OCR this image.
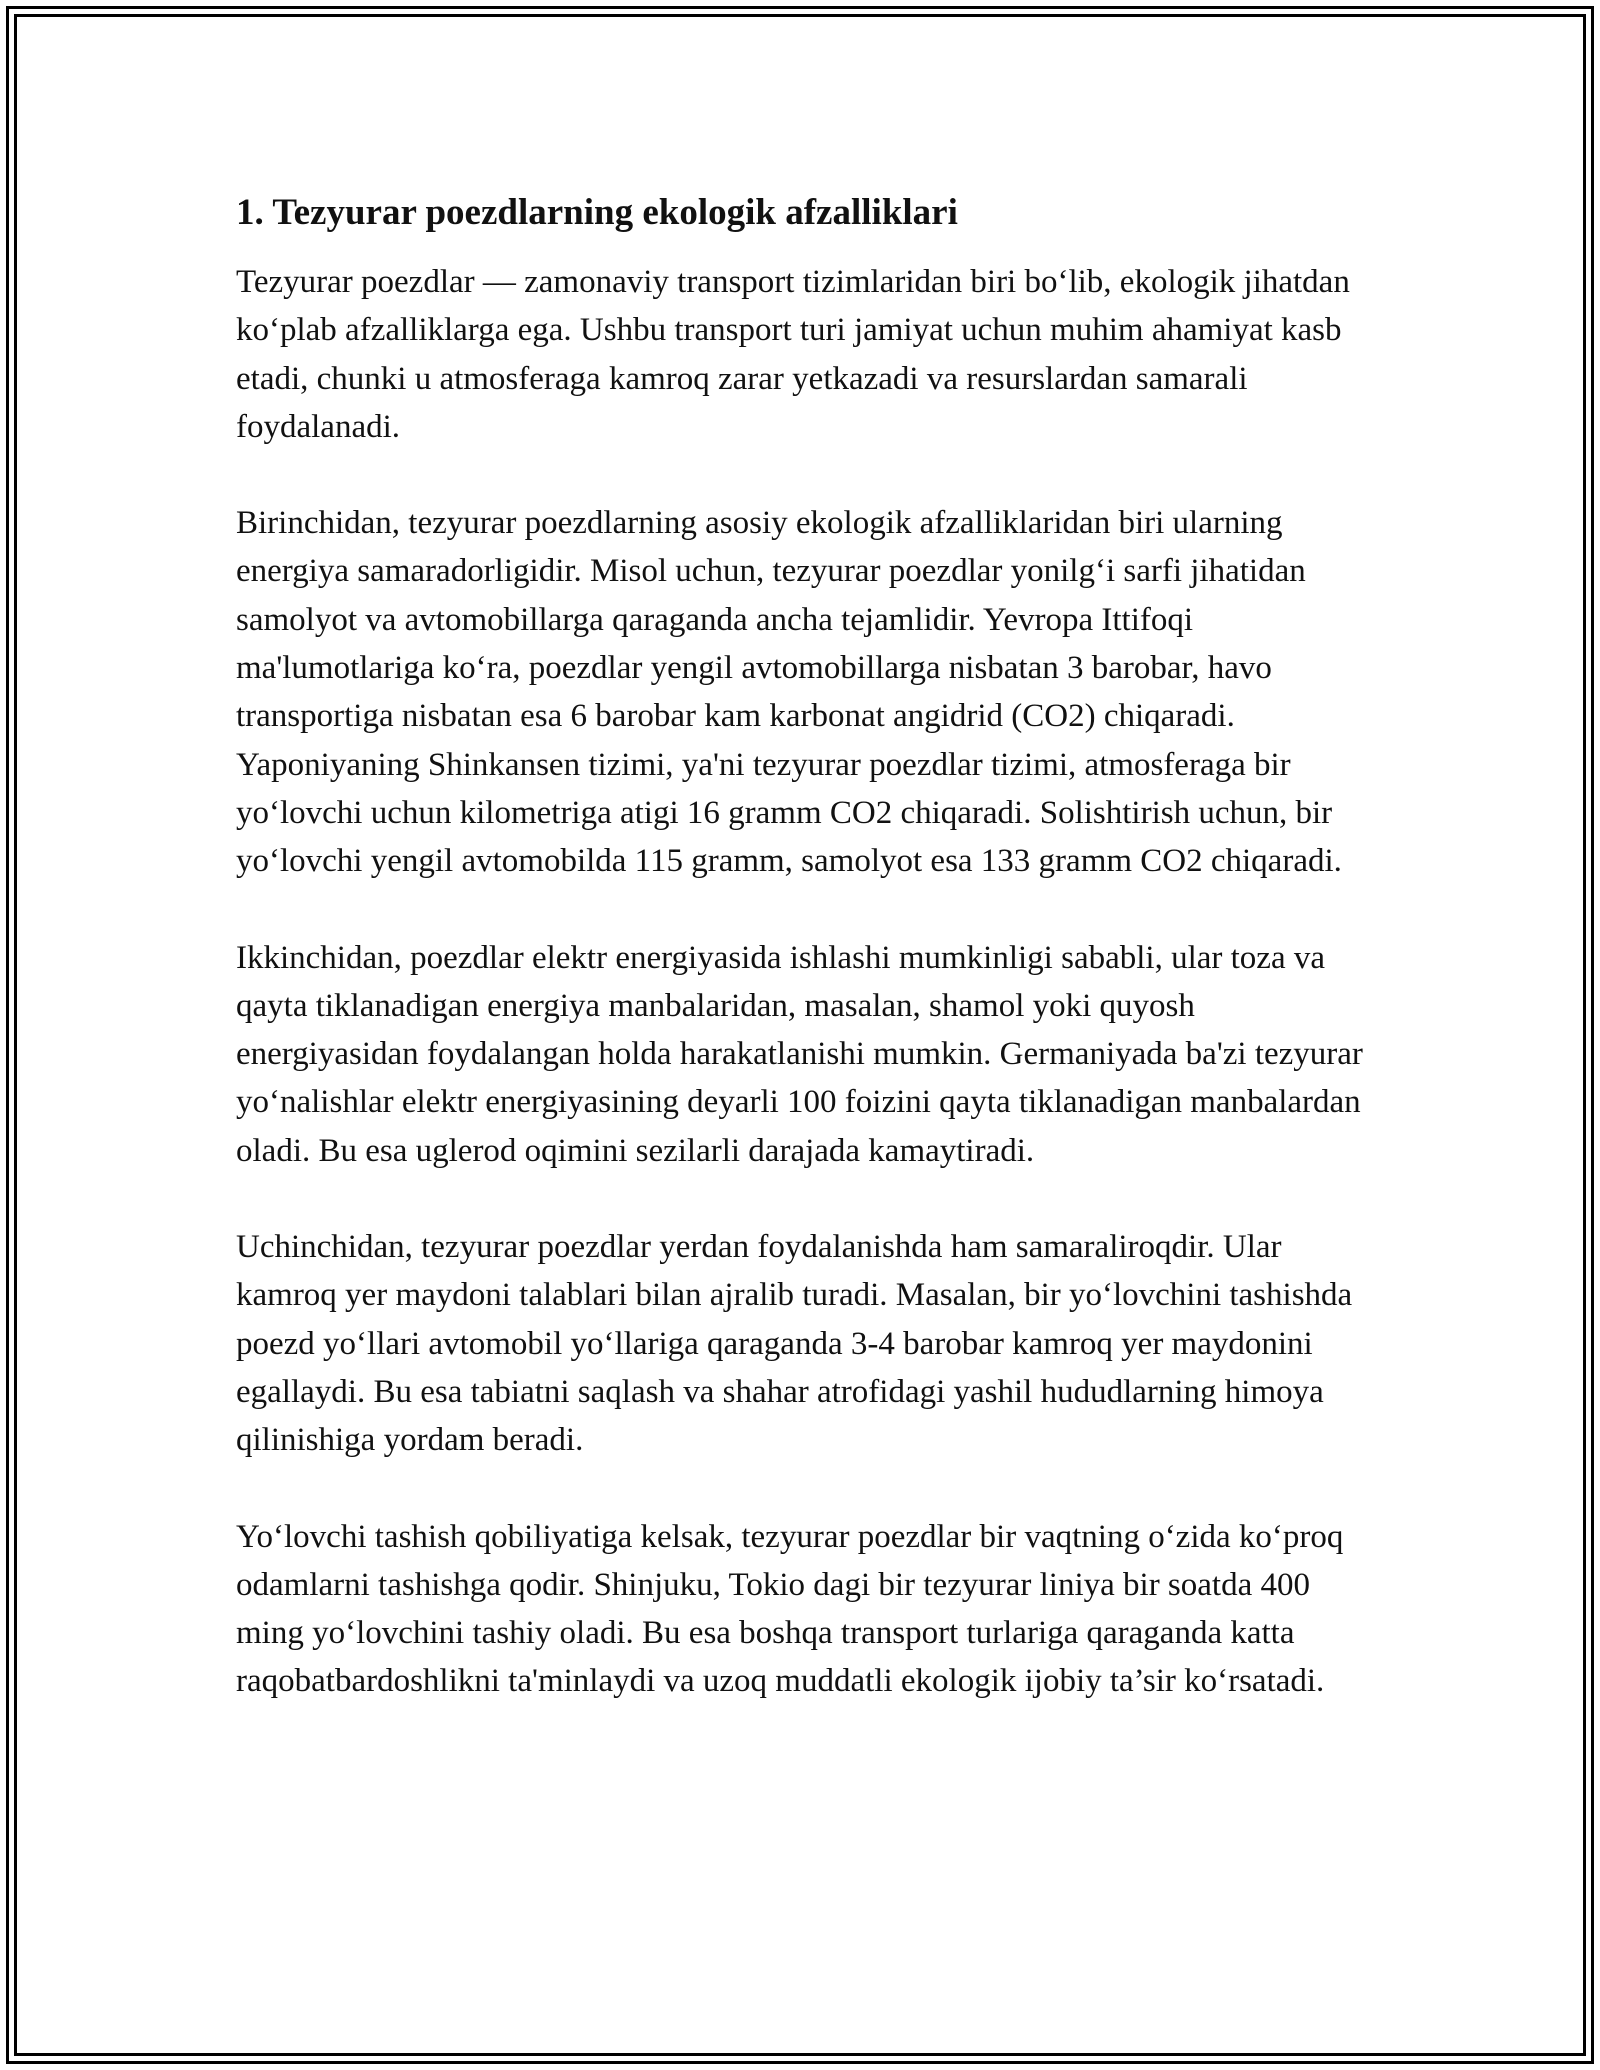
1. Tezyurar poezdlarning ekologik afzalliklari

Tezyurar poezdlar — zamonaviy transport tizimlaridan biri bo‘lib, ekologik jihatdan ko‘plab afzalliklarga ega. Ushbu transport turi jamiyat uchun muhim ahamiyat kasb etadi, chunki u atmosferaga kamroq zarar yetkazadi va resurslardan samarali foydalanadi.

Birinchidan, tezyurar poezdlarning asosiy ekologik afzalliklaridan biri ularning energiya samaradorligidir. Misol uchun, tezyurar poezdlar yonilg‘i sarfi jihatidan samolyot va avtomobillarga qaraganda ancha tejamlidir. Yevropa Ittifoqi ma'lumotlariga ko‘ra, poezdlar yengil avtomobillarga nisbatan 3 barobar, havo transportiga nisbatan esa 6 barobar kam karbonat angidrid (CO2) chiqaradi. Yaponiyaning Shinkansen tizimi, ya'ni tezyurar poezdlar tizimi, atmosferaga bir yo‘lovchi uchun kilometriga atigi 16 gramm CO2 chiqaradi. Solishtirish uchun, bir yo‘lovchi yengil avtomobilda 115 gramm, samolyot esa 133 gramm CO2 chiqaradi.

Ikkinchidan, poezdlar elektr energiyasida ishlashi mumkinligi sababli, ular toza va qayta tiklanadigan energiya manbalaridan, masalan, shamol yoki quyosh energiyasidan foydalangan holda harakatlanishi mumkin. Germaniyada ba'zi tezyurar yo‘nalishlar elektr energiyasining deyarli 100 foizini qayta tiklanadigan manbalardan oladi. Bu esa uglerod oqimini sezilarli darajada kamaytiradi.

Uchinchidan, tezyurar poezdlar yerdan foydalanishda ham samaraliroqdir. Ular kamroq yer maydoni talablari bilan ajralib turadi. Masalan, bir yo‘lovchini tashishda poezd yo‘llari avtomobil yo‘llariga qaraganda 3-4 barobar kamroq yer maydonini egallaydi. Bu esa tabiatni saqlash va shahar atrofidagi yashil hududlarning himoya qilinishiga yordam beradi.

Yo‘lovchi tashish qobiliyatiga kelsak, tezyurar poezdlar bir vaqtning o‘zida ko‘proq odamlarni tashishga qodir. Shinjuku, Tokio dagi bir tezyurar liniya bir soatda 400 ming yo‘lovchini tashiy oladi. Bu esa boshqa transport turlariga qaraganda katta raqobatbardoshlikni ta'minlaydi va uzoq muddatli ekologik ijobiy ta’sir ko‘rsatadi.
